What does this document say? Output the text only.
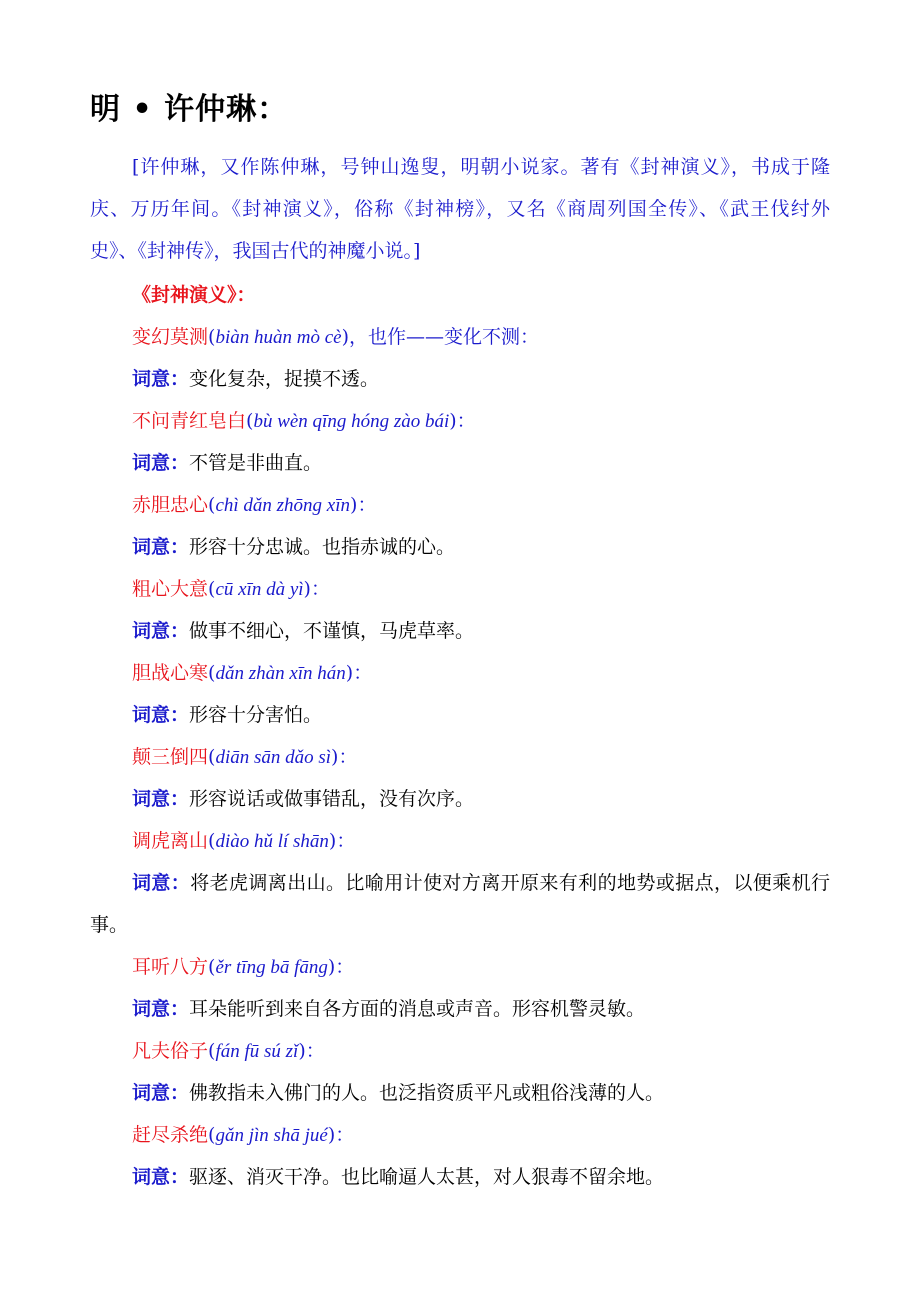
明 • 许仲琳：
[许仲琳，又作陈仲琳，号钟山逸叟，明朝小说家。著有《封神演义》，书成于隆庆、万历年间。《封神演义》，俗称《封神榜》，又名《商周列国全传》、《武王伐纣外史》、《封神传》，我国古代的神魔小说。]
《封神演义》：
变幻莫测(biàn huàn mò cè)，也作——变化不测：
词意：变化复杂，捉摸不透。
不问青红皂白(bù wèn qīng hóng zào bái)：
词意：不管是非曲直。
赤胆忠心(chì dǎn zhōng xīn)：
词意：形容十分忠诚。也指赤诚的心。
粗心大意(cū xīn dà yì)：
词意：做事不细心，不谨慎，马虎草率。
胆战心寒(dǎn zhàn xīn hán)：
词意：形容十分害怕。
颠三倒四(diān sān dǎo sì)：
词意：形容说话或做事错乱，没有次序。
调虎离山(diào hǔ lí shān)：
词意：将老虎调离出山。比喻用计使对方离开原来有利的地势或据点，以便乘机行事。
耳听八方(ěr tīng bā fāng)：
词意：耳朵能听到来自各方面的消息或声音。形容机警灵敏。
凡夫俗子(fán fū sú zǐ)：
词意：佛教指未入佛门的人。也泛指资质平凡或粗俗浅薄的人。
赶尽杀绝(gǎn jìn shā jué)：
词意：驱逐、消灭干净。也比喻逼人太甚，对人狠毒不留余地。
